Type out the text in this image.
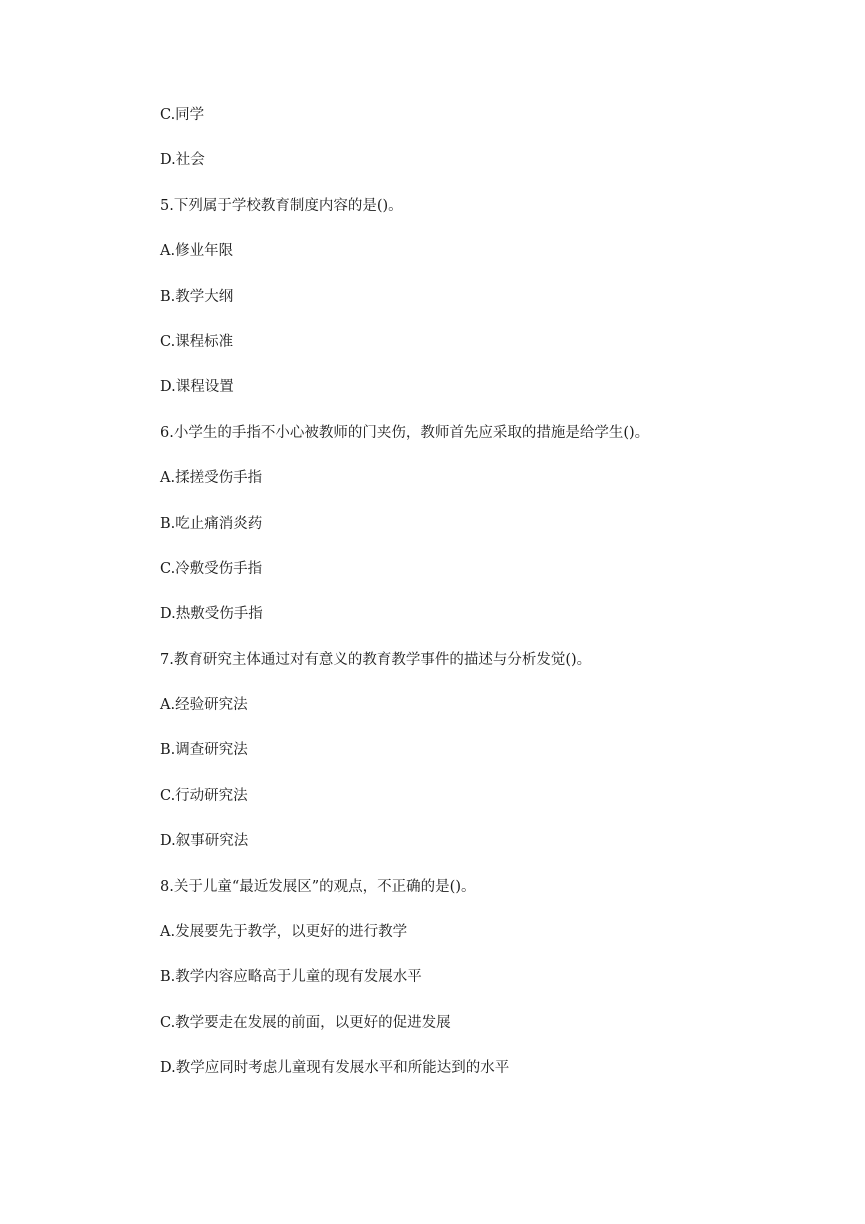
C.同学
D.社会
5.下列属于学校教育制度内容的是()。
A.修业年限
B.教学大纲
C.课程标准
D.课程设置
6.小学生的手指不小心被教师的门夹伤，教师首先应采取的措施是给学生()。
A.揉搓受伤手指
B.吃止痛消炎药
C.冷敷受伤手指
D.热敷受伤手指
7.教育研究主体通过对有意义的教育教学事件的描述与分析发觉()。
A.经验研究法
B.调查研究法
C.行动研究法
D.叙事研究法
8.关于儿童“最近发展区”的观点，不正确的是()。
A.发展要先于教学，以更好的进行教学
B.教学内容应略高于儿童的现有发展水平
C.教学要走在发展的前面，以更好的促进发展
D.教学应同时考虑儿童现有发展水平和所能达到的水平
